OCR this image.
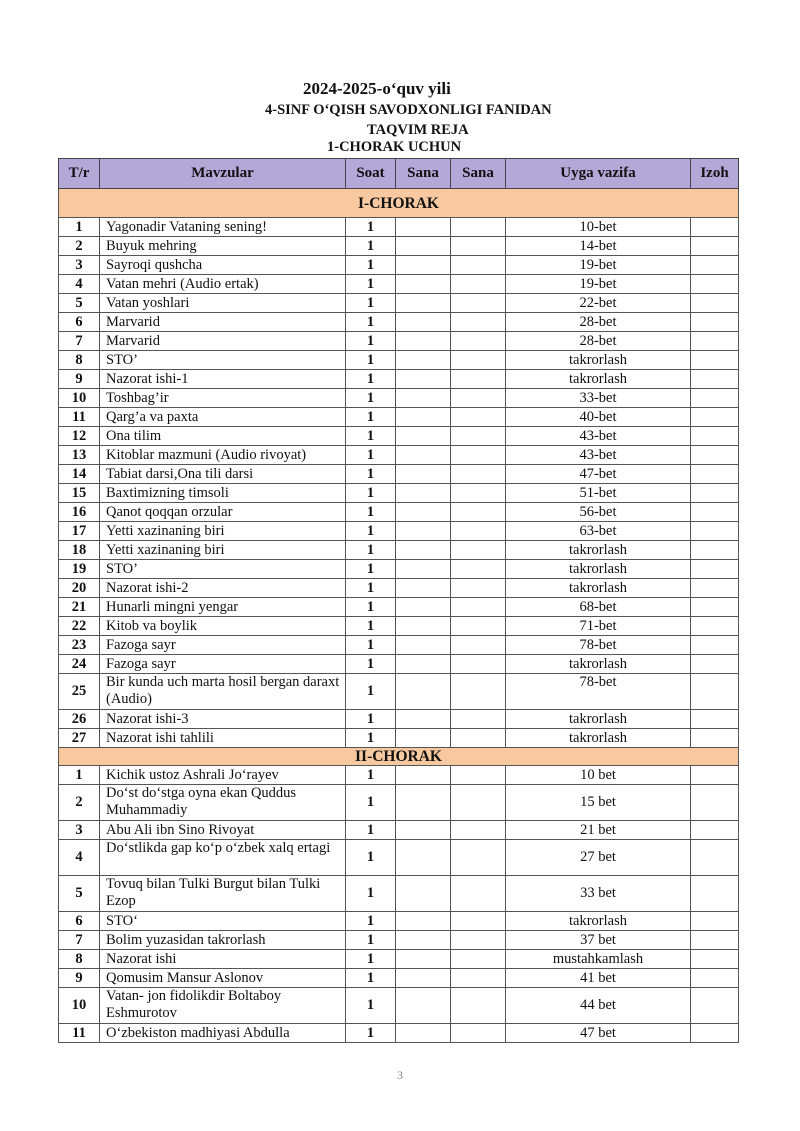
2024-2025-o‘quv yili
4-SINF O‘QISH SAVODXONLIGI FANIDAN
TAQVIM REJA
1-CHORAK UCHUN
T/r	Mavzular	Soat	Sana	Sana	Uyga vazifa	Izoh
I-CHORAK						
1	Yagonadir Vataning sening!	1			10-bet	
2	Buyuk mehring	1			14-bet	
3	Sayroqi qushcha	1			19-bet	
4	Vatan mehri (Audio ertak)	1			19-bet	
5	Vatan yoshlari	1			22-bet	
6	Marvarid	1			28-bet	
7	Marvarid	1			28-bet	
8	STO’	1			takrorlash	
9	Nazorat ishi-1	1			takrorlash	
10	Toshbag’ir	1			33-bet	
11	Qarg’a va paxta	1			40-bet	
12	Ona tilim	1			43-bet	
13	Kitoblar mazmuni (Audio rivoyat)	1			43-bet	
14	Tabiat darsi,Ona tili darsi	1			47-bet	
15	Baxtimizning timsoli	1			51-bet	
16	Qanot qoqqan orzular	1			56-bet	
17	Yetti xazinaning biri	1			63-bet	
18	Yetti xazinaning biri	1			takrorlash	
19	STO’	1			takrorlash	
20	Nazorat ishi-2	1			takrorlash	
21	Hunarli mingni yengar	1			68-bet	
22	Kitob va boylik	1			71-bet	
23	Fazoga sayr	1			78-bet	
24	Fazoga sayr	1			takrorlash	
25	Bir kunda uch marta hosil bergan daraxt (Audio)	1			78-bet	
26	Nazorat ishi-3	1			takrorlash	
27	Nazorat ishi tahlili	1			takrorlash	
II-CHORAK						
1	Kichik ustoz Ashrali Jo‘rayev	1			10 bet	
2	Do‘st do‘stga oyna ekan Quddus Muhammadiy	1			15 bet	
3	Abu Ali ibn Sino Rivoyat	1			21 bet	
4	Do‘stlikda gap ko‘p o‘zbek xalq ertagi	1			27 bet	
5	Tovuq bilan Tulki Burgut bilan Tulki Ezop	1			33 bet	
6	STO‘	1			takrorlash	
7	Bolim yuzasidan takrorlash	1			37 bet	
8	Nazorat ishi	1			mustahkamlash	
9	Qomusim Mansur Aslonov	1			41 bet	
10	Vatan- jon fidolikdir Boltaboy Eshmurotov	1			44 bet	
11	O‘zbekiston madhiyasi Abdulla	1			47 bet	
3
